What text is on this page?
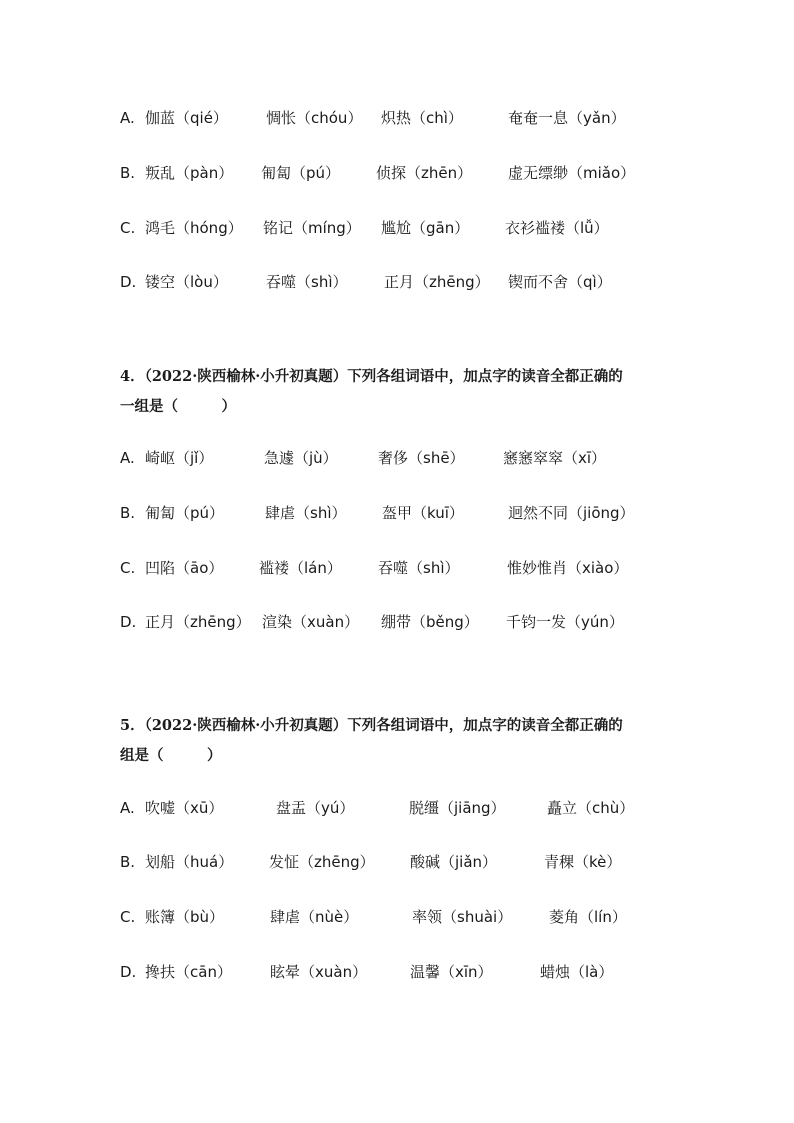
A. 伽蓝（qié）	惆怅（chóu） 炽热（chì）	奄奄一息（yǎn）
B. 叛乱（pàn） 匍匐（pú） 侦探（zhēn） 虚无缥缈（miǎo）
C. 鸿毛（hóng） 铭记（míng） 尴尬（gān） 衣衫褴褛（lǚ）
D. 镂空（lòu）	吞噬（shì） 正月（zhēng） 锲而不舍（qì）
4．（2022·陕西榆林·小升初真题）下列各组词语中，加点字的读音全都正确的
一组是（　　　）
A. 崎岖（jǐ）	急遽（jù）	奢侈（shē）	窸窸窣窣（xī）
B. 匍匐（pú）	肆虐（shì） 盔甲（kuī）	迥然不同（jiōng）
C. 凹陷（āo） 褴褛（lán） 吞噬（shì）	惟妙惟肖（xiào）
D. 正月（zhēng） 渲染（xuàn） 绷带（běng） 千钧一发（yún）
5．（2022·陕西榆林·小升初真题）下列各组词语中，加点字的读音全都正确的
组是（　　　）
A. 吹嘘（xū）	盘盂（yú）	脱缰（jiāng）	矗立（chù）
B. 划船（huá） 发怔（zhēng） 酸碱（jiǎn）	青稞（kè）
C. 账簿（bù）	肆虐（nùè）	率领（shuài） 菱角（lín）
D. 搀扶（cān）	眩晕（xuàn）	温馨（xīn）	蜡烛（là）
